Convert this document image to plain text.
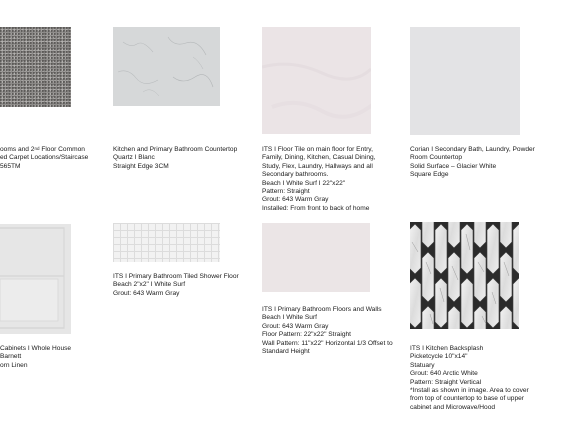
ooms and 2nd Floor Common
ed Carpet Locations/Staircase
565TM
Kitchen and Primary Bathroom Countertop
Quartz I Blanc
Straight Edge 3CM
ITS I Floor Tile on main floor for Entry,
Family, Dining, Kitchen, Casual Dining,
Study, Flex, Laundry, Hallways and all
Secondary bathrooms.
Beach I White Surf I 22"x22"
Pattern: Straight
Grout: 643 Warm Gray
Installed: From front to back of home
Corian I Secondary Bath, Laundry, Powder
Room Countertop
Solid Surface – Glacier White
Square Edge
Cabinets I Whole House
Barnett
orn Linen
ITS I Primary Bathroom Tiled Shower Floor
Beach 2"x2" I White Surf
Grout: 643 Warm Gray
ITS I Primary Bathroom Floors and Walls
Beach I White Surf
Grout: 643 Warm Gray
Floor Pattern: 22"x22" Straight
Wall Pattern: 11"x22" Horizontal 1/3 Offset to
Standard Height	ITS I Kitchen Backsplash
Picketcycle 10"x14"
Statuary
Grout: 640 Arctic White
Pattern: Straight Vertical
*Install as shown in image. Area to cover
from top of countertop to base of upper
cabinet and Microwave/Hood
